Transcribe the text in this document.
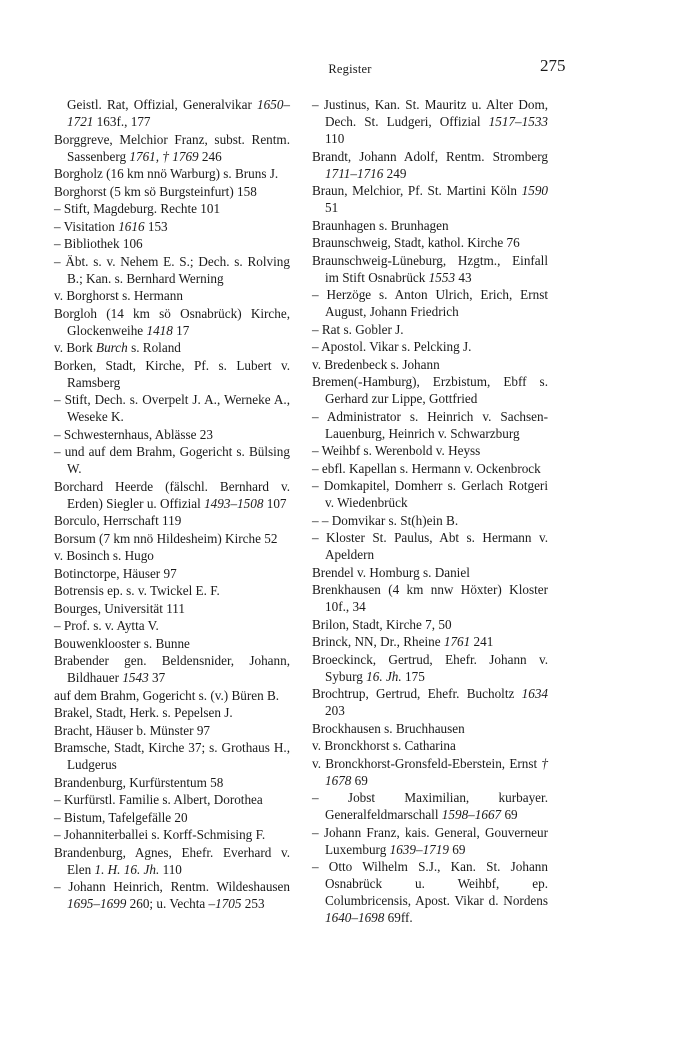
Register	275
Geistl. Rat, Offizial, Generalvikar 1650–1721 163f., 177
Borggreve, Melchior Franz, subst. Rentm. Sassenberg 1761, † 1769 246
Borgholz (16 km nnö Warburg) s. Bruns J.
Borghorst (5 km sö Burgsteinfurt) 158
– Stift, Magdeburg. Rechte 101
– Visitation 1616 153
– Bibliothek 106
– Äbt. s. v. Nehem E. S.; Dech. s. Rolving B.; Kan. s. Bernhard Werning
v. Borghorst s. Hermann
Borgloh (14 km sö Osnabrück) Kirche, Glockenweihe 1418 17
v. Bork Burch s. Roland
Borken, Stadt, Kirche, Pf. s. Lubert v. Ramsberg
– Stift, Dech. s. Overpelt J. A., Werneke A., Weseke K.
– Schwesternhaus, Ablässe 23
– und auf dem Brahm, Gogericht s. Bülsing W.
Borchard Heerde (fälschl. Bernhard v. Erden) Siegler u. Offizial 1493–1508 107
Borculo, Herrschaft 119
Borsum (7 km nnö Hildesheim) Kirche 52
v. Bosinch s. Hugo
Botinctorpe, Häuser 97
Botrensis ep. s. v. Twickel E. F.
Bourges, Universität 111
– Prof. s. v. Aytta V.
Bouwenklooster s. Bunne
Brabender gen. Beldensnider, Johann, Bildhauer 1543 37
auf dem Brahm, Gogericht s. (v.) Büren B.
Brakel, Stadt, Herk. s. Pepelsen J.
Bracht, Häuser b. Münster 97
Bramsche, Stadt, Kirche 37; s. Grothaus H., Ludgerus
Brandenburg, Kurfürstentum 58
– Kurfürstl. Familie s. Albert, Dorothea
– Bistum, Tafelgefälle 20
– Johanniterballei s. Korff-Schmising F.
Brandenburg, Agnes, Ehefr. Everhard v. Elen 1. H. 16. Jh. 110
– Johann Heinrich, Rentm. Wildeshausen 1695–1699 260; u. Vechta –1705 253
– Justinus, Kan. St. Mauritz u. Alter Dom, Dech. St. Ludgeri, Offizial 1517–1533 110
Brandt, Johann Adolf, Rentm. Stromberg 1711–1716 249
Braun, Melchior, Pf. St. Martini Köln 1590 51
Braunhagen s. Brunhagen
Braunschweig, Stadt, kathol. Kirche 76
Braunschweig-Lüneburg, Hzgtm., Einfall im Stift Osnabrück 1553 43
– Herzöge s. Anton Ulrich, Erich, Ernst August, Johann Friedrich
– Rat s. Gobler J.
– Apostol. Vikar s. Pelcking J.
v. Bredenbeck s. Johann
Bremen(-Hamburg), Erzbistum, Ebff s. Gerhard zur Lippe, Gottfried
– Administrator s. Heinrich v. Sachsen-Lauenburg, Heinrich v. Schwarzburg
– Weihbf s. Werenbold v. Heyss
– ebfl. Kapellan s. Hermann v. Ockenbrock
– Domkapitel, Domherr s. Gerlach Rotgeri v. Wiedenbrück
– – Domvikar s. St(h)ein B.
– Kloster St. Paulus, Abt s. Hermann v. Apeldern
Brendel v. Homburg s. Daniel
Brenkhausen (4 km nnw Höxter) Kloster 10f., 34
Brilon, Stadt, Kirche 7, 50
Brinck, NN, Dr., Rheine 1761 241
Broeckinck, Gertrud, Ehefr. Johann v. Syburg 16. Jh. 175
Brochtrup, Gertrud, Ehefr. Bucholtz 1634 203
Brockhausen s. Bruchhausen
v. Bronckhorst s. Catharina
v. Bronckhorst-Gronsfeld-Eberstein, Ernst † 1678 69
– Jobst Maximilian, kurbayer. Generalfeldmarschall 1598–1667 69
– Johann Franz, kais. General, Gouverneur Luxemburg 1639–1719 69
– Otto Wilhelm S.J., Kan. St. Johann Osnabrück u. Weihbf, ep. Columbricensis, Apost. Vikar d. Nordens 1640–1698 69ff.
